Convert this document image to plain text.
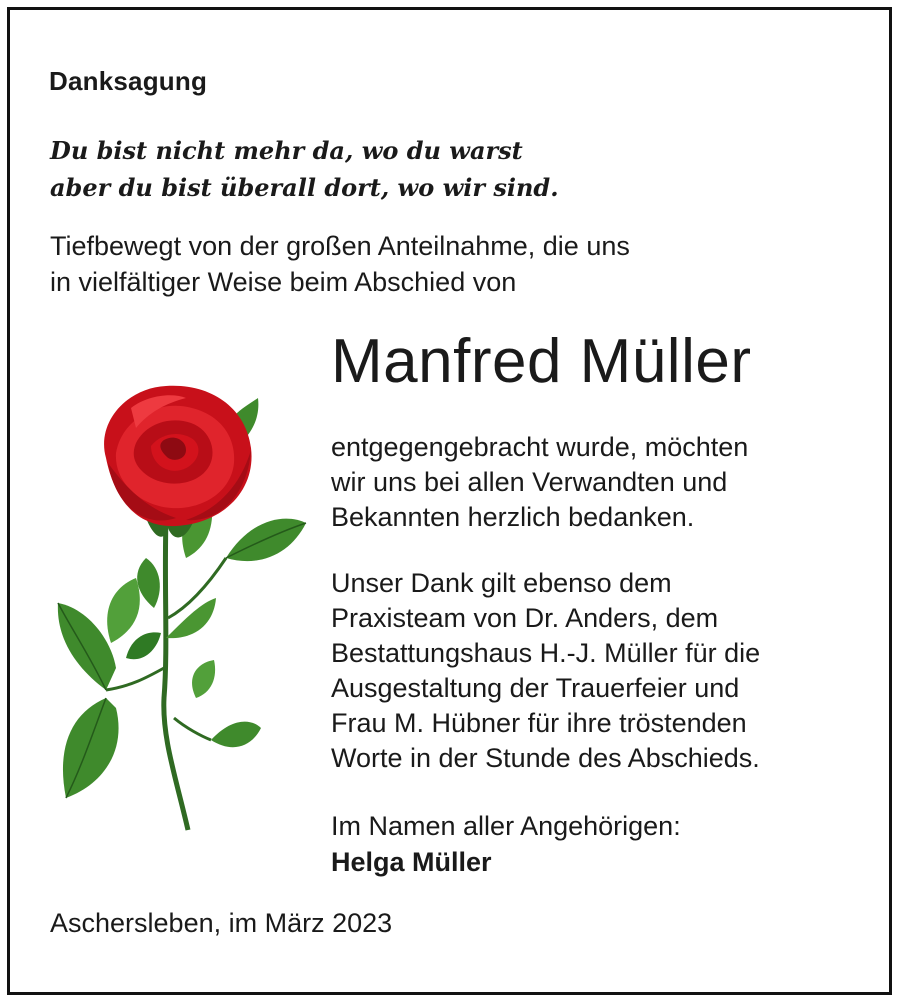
Danksagung
Du bist nicht mehr da, wo du warst
aber du bist überall dort, wo wir sind.
Tiefbewegt von der großen Anteilnahme, die uns
in vielfältiger Weise beim Abschied von
Manfred Müller
entgegengebracht wurde, möchten
wir uns bei allen Verwandten und
Bekannten herzlich bedanken.
Unser Dank gilt ebenso dem
Praxisteam von Dr. Anders, dem
Bestattungshaus H.-J. Müller für die
Ausgestaltung der Trauerfeier und
Frau M. Hübner für ihre tröstenden
Worte in der Stunde des Abschieds.
Im Namen aller Angehörigen:
Helga Müller
Aschersleben, im März 2023
